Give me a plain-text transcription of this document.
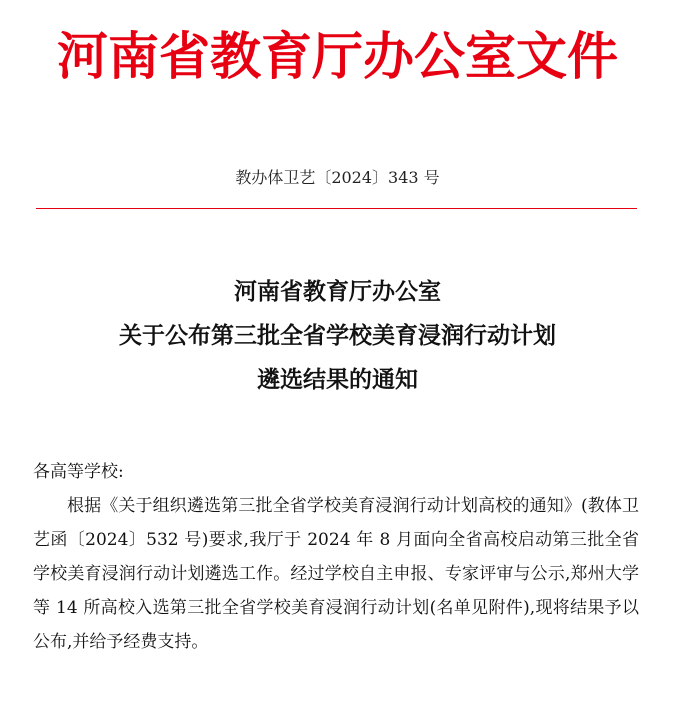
河南省教育厅办公室文件
教办体卫艺〔2024〕343 号
河南省教育厅办公室
关于公布第三批全省学校美育浸润行动计划
遴选结果的通知
各高等学校:
根据《关于组织遴选第三批全省学校美育浸润行动计划高校的通知》(教体卫艺函〔2024〕532 号)要求,我厅于 2024 年 8 月面向全省高校启动第三批全省学校美育浸润行动计划遴选工作。经过学校自主申报、专家评审与公示,郑州大学等 14 所高校入选第三批全省学校美育浸润行动计划(名单见附件),现将结果予以公布,并给予经费支持。
